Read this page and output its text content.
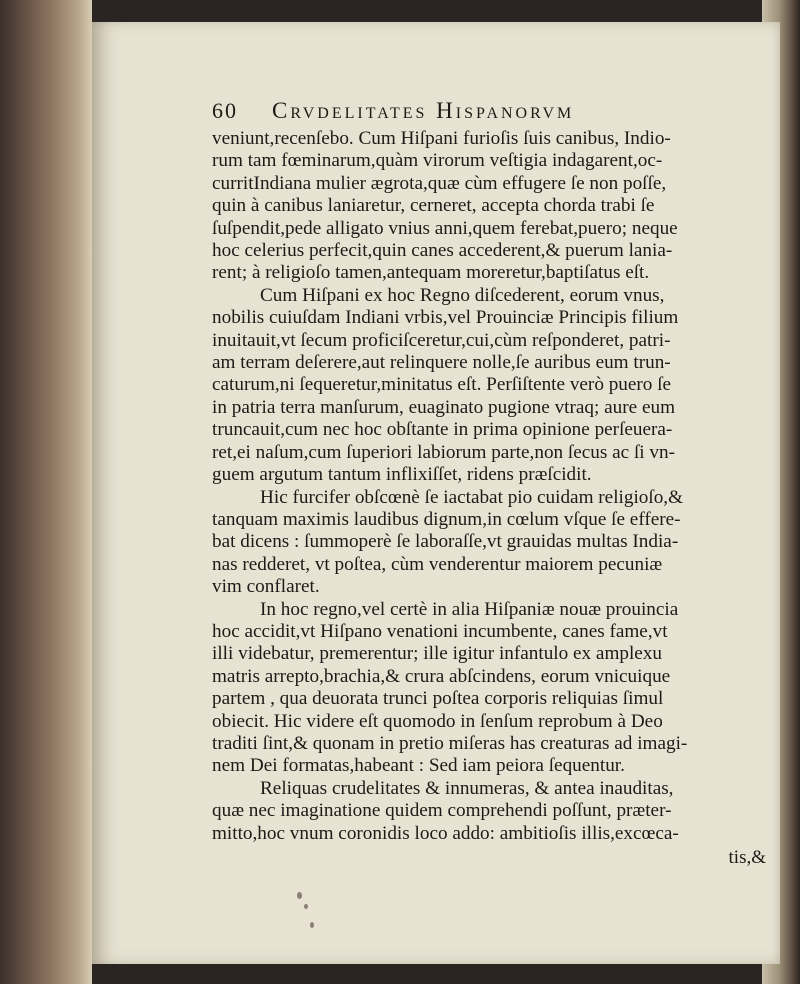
60	Crvdelitates Hispanorvm
veniunt,recenſebo. Cum Hiſpani furioſis ſuis canibus, Indio-
rum tam fœminarum,quàm virorum veſtigia indagarent,oc-
curritIndiana mulier ægrota,quæ cùm effugere ſe non poſſe,
quin à canibus laniaretur, cerneret, accepta chorda trabi ſe
ſuſpendit,pede alligato vnius anni,quem ferebat,puero; neque
hoc celerius perfecit,quin canes accederent,& puerum lania-
rent; à religioſo tamen,antequam moreretur,baptiſatus eſt.
Cum Hiſpani ex hoc Regno diſcederent, eorum vnus,
nobilis cuiuſdam Indiani vrbis,vel Prouinciæ Principis filium
inuitauit,vt ſecum proficiſceretur,cui,cùm reſponderet, patri-
am terram deſerere,aut relinquere nolle,ſe auribus eum trun-
caturum,ni ſequeretur,minitatus eſt. Perſiſtente verò puero ſe
in patria terra manſurum, euaginato pugione vtraq; aure eum
truncauit,cum nec hoc obſtante in prima opinione perſeuera-
ret,ei naſum,cum ſuperiori labiorum parte,non ſecus ac ſi vn-
guem argutum tantum inflixiſſet, ridens præſcidit.
Hic furcifer obſcœnè ſe iactabat pio cuidam religioſo,&
tanquam maximis laudibus dignum,in cœlum vſque ſe effere-
bat dicens : ſummoperè ſe laboraſſe,vt grauidas multas India-
nas redderet, vt poſtea, cùm venderentur maiorem pecuniæ
vim conflaret.
In hoc regno,vel certè in alia Hiſpaniæ nouæ prouincia
hoc accidit,vt Hiſpano venationi incumbente, canes fame,vt
illi videbatur, premerentur; ille igitur infantulo ex amplexu
matris arrepto,brachia,& crura abſcindens, eorum vnicuique
partem , qua deuorata trunci poſtea corporis reliquias ſimul
obiecit. Hic videre eſt quomodo in ſenſum reprobum à Deo
traditi ſint,& quonam in pretio miſeras has creaturas ad imagi-
nem Dei formatas,habeant : Sed iam peiora ſequentur.
Reliquas crudelitates & innumeras, & antea inauditas,
quæ nec imaginatione quidem comprehendi poſſunt, præter-
mitto,hoc vnum coronidis loco addo: ambitioſis illis,excœca-
tis,&
